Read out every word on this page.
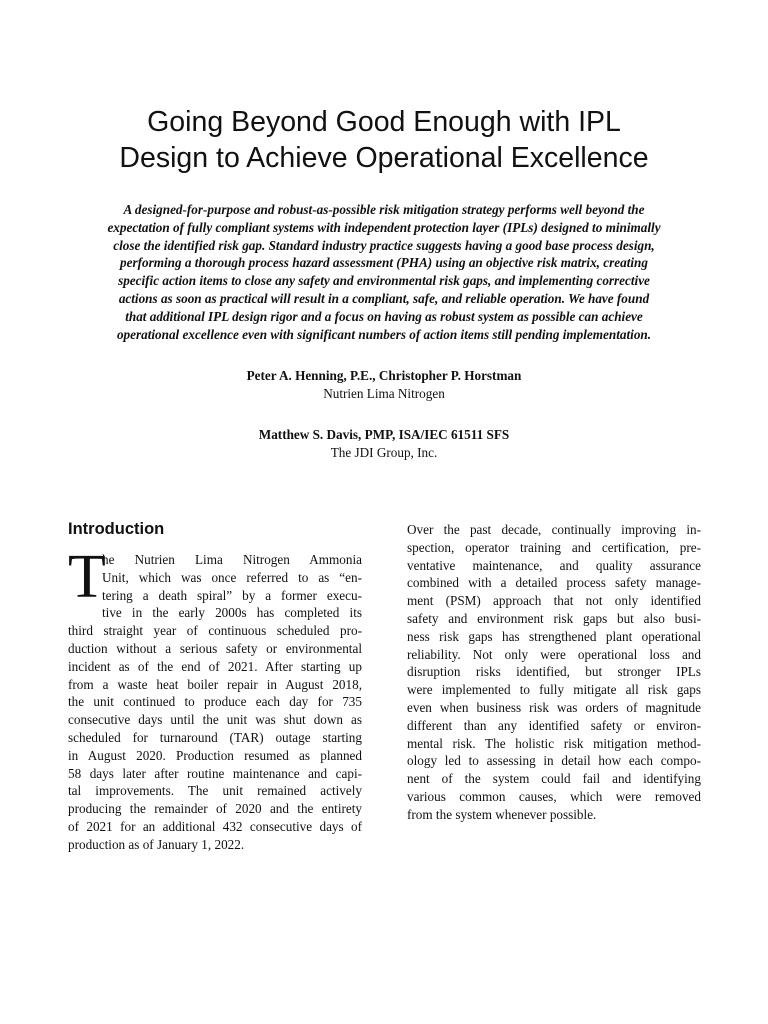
Going Beyond Good Enough with IPL
Design to Achieve Operational Excellence
A designed-for-purpose and robust-as-possible risk mitigation strategy performs well beyond the
expectation of fully compliant systems with independent protection layer (IPLs) designed to minimally
close the identified risk gap. Standard industry practice suggests having a good base process design,
performing a thorough process hazard assessment (PHA) using an objective risk matrix, creating
specific action items to close any safety and environmental risk gaps, and implementing corrective
actions as soon as practical will result in a compliant, safe, and reliable operation. We have found
that additional IPL design rigor and a focus on having as robust system as possible can achieve
operational excellence even with significant numbers of action items still pending implementation.
Peter A. Henning, P.E., Christopher P. Horstman
Nutrien Lima Nitrogen
Matthew S. Davis, PMP, ISA/IEC 61511 SFS
The JDI Group, Inc.
Introduction
T
he Nutrien Lima Nitrogen Ammonia
Unit, which was once referred to as “en-
tering a death spiral” by a former execu-
tive in the early 2000s has completed its
third straight year of continuous scheduled pro-
duction without a serious safety or environmental
incident as of the end of 2021. After starting up
from a waste heat boiler repair in August 2018,
the unit continued to produce each day for 735
consecutive days until the unit was shut down as
scheduled for turnaround (TAR) outage starting
in August 2020. Production resumed as planned
58 days later after routine maintenance and capi-
tal improvements. The unit remained actively
producing the remainder of 2020 and the entirety
of 2021 for an additional 432 consecutive days of
production as of January 1, 2022.
Over the past decade, continually improving in-
spection, operator training and certification, pre-
ventative maintenance, and quality assurance
combined with a detailed process safety manage-
ment (PSM) approach that not only identified
safety and environment risk gaps but also busi-
ness risk gaps has strengthened plant operational
reliability. Not only were operational loss and
disruption risks identified, but stronger IPLs
were implemented to fully mitigate all risk gaps
even when business risk was orders of magnitude
different than any identified safety or environ-
mental risk. The holistic risk mitigation method-
ology led to assessing in detail how each compo-
nent of the system could fail and identifying
various common causes, which were removed
from the system whenever possible.
